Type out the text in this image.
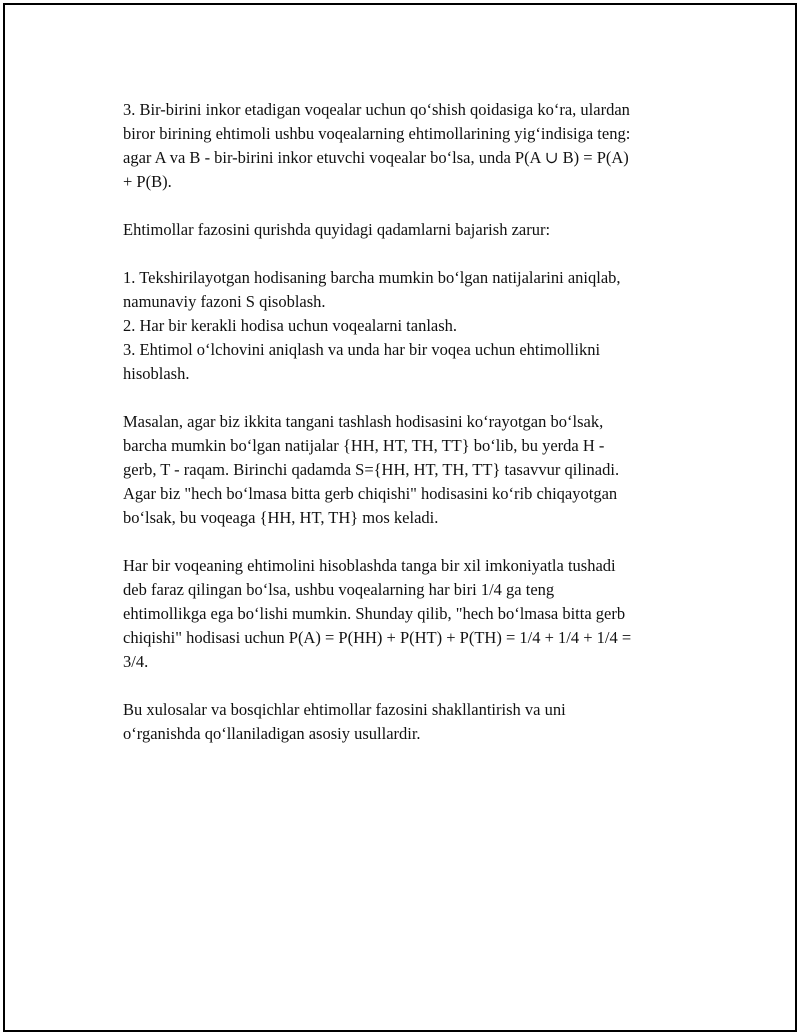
3. Bir-birini inkor etadigan voqealar uchun qo‘shish qoidasiga ko‘ra, ulardan
biror birining ehtimoli ushbu voqealarning ehtimollarining yig‘indisiga teng:
agar A va B - bir-birini inkor etuvchi voqealar bo‘lsa, unda P(A ∪ B) = P(A)
+ P(B).

Ehtimollar fazosini qurishda quyidagi qadamlarni bajarish zarur:

1. Tekshirilayotgan hodisaning barcha mumkin bo‘lgan natijalarini aniqlab,
namunaviy fazoni S qisoblash.
2. Har bir kerakli hodisa uchun voqealarni tanlash.
3. Ehtimol o‘lchovini aniqlash va unda har bir voqea uchun ehtimollikni
hisoblash.

Masalan, agar biz ikkita tangani tashlash hodisasini ko‘rayotgan bo‘lsak,
barcha mumkin bo‘lgan natijalar {HH, HT, TH, TT} bo‘lib, bu yerda H -
gerb, T - raqam. Birinchi qadamda S={HH, HT, TH, TT} tasavvur qilinadi.
Agar biz "hech bo‘lmasa bitta gerb chiqishi" hodisasini ko‘rib chiqayotgan
bo‘lsak, bu voqeaga {HH, HT, TH} mos keladi.

Har bir voqeaning ehtimolini hisoblashda tanga bir xil imkoniyatla tushadi
deb faraz qilingan bo‘lsa, ushbu voqealarning har biri 1/4 ga teng
ehtimollikga ega bo‘lishi mumkin. Shunday qilib, "hech bo‘lmasa bitta gerb
chiqishi" hodisasi uchun P(A) = P(HH) + P(HT) + P(TH) = 1/4 + 1/4 + 1/4 =
3/4.

Bu xulosalar va bosqichlar ehtimollar fazosini shakllantirish va uni
o‘rganishda qo‘llaniladigan asosiy usullardir.
